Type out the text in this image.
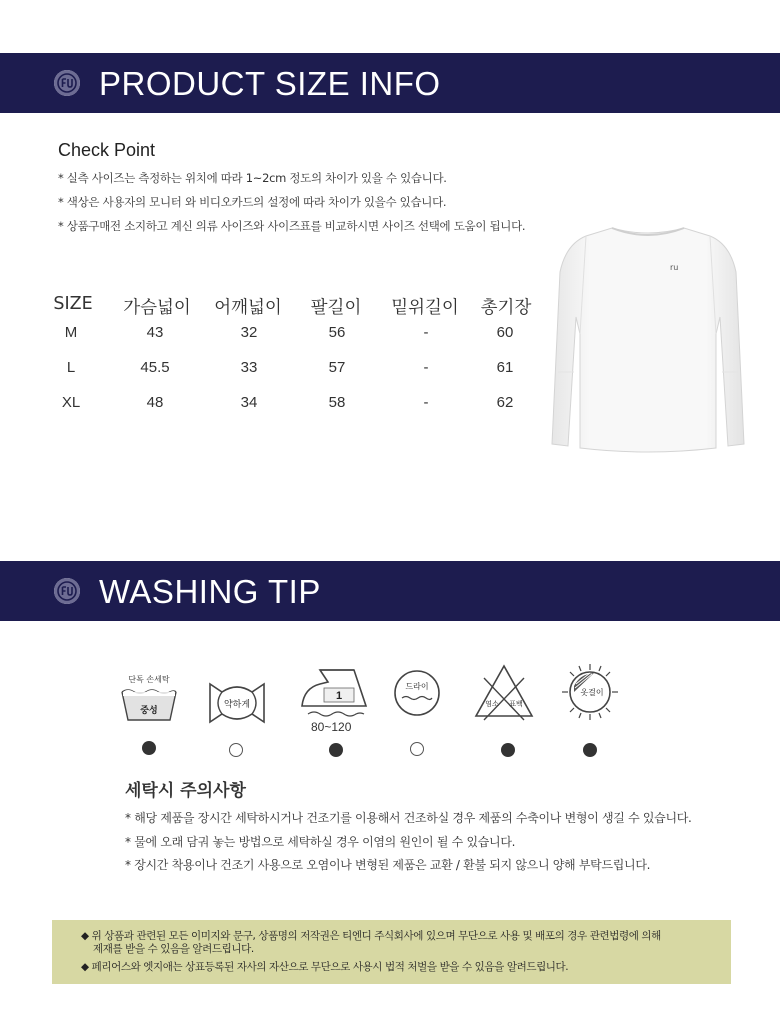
PRODUCT SIZE INFO
Check Point
* 실측 사이즈는 측정하는 위치에 따라 1~2cm 정도의 차이가 있을 수 있습니다.
* 색상은 사용자의 모니터 와 비디오카드의 설정에 따라 차이가 있을수 있습니다.
* 상품구매전 소지하고 계신 의류 사이즈와 사이즈표를 비교하시면 사이즈 선택에 도움이 됩니다.
SIZE 가슴넓이 어깨넓이 팔길이 밑위길이 총기장
M	43	32	56	-	60
L	45.5	33	57	-	61
XL	48	34	58	-	62
ru
WASHING TIP
단독 손세탁
중성
약하게
1
80~120
드라이
염소 표백
옷걸이
세탁시 주의사항
* 해당 제품을 장시간 세탁하시거나 건조기를 이용해서 건조하실 경우 제품의 수축이나 변형이 생길 수 있습니다.
* 물에 오래 담궈 놓는 방법으로 세탁하실 경우 이염의 원인이 될 수 있습니다.
* 장시간 착용이나 건조기 사용으로 오염이나 변형된 제품은 교환 / 환불 되지 않으니 양해 부탁드립니다.
◆ 위 상품과 관련된 모든 이미지와 문구, 상품명의 저작권은 티엔디 주식회사에 있으며 무단으로 사용 및 배포의 경우 관련법령에 의해
제재를 받을 수 있음을 알려드립니다.
◆ 페리어스와 엣지애는 상표등록된 자사의 자산으로 무단으로 사용시 법적 처벌을 받을 수 있음을 알려드립니다.
